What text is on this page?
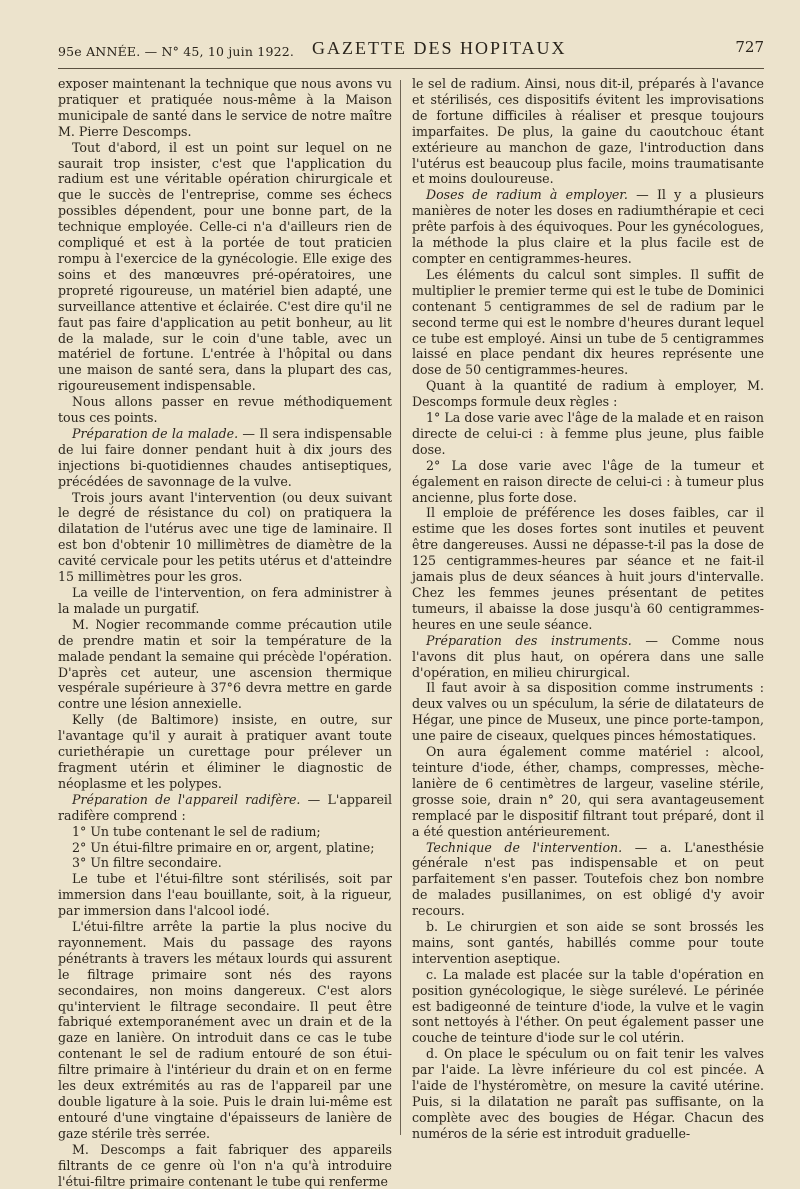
95e ANNÉE. — N° 45, 10 juin 1922. GAZETTE DES HOPITAUX	727

exposer maintenant la technique que nous avons vu pratiquer et pratiquée nous-même à la Maison municipale de santé dans le service de notre maître M. Pierre Descomps.

Tout d'abord, il est un point sur lequel on ne saurait trop insister, c'est que l'application du radium est une véritable opération chirurgicale et que le succès de l'entreprise, comme ses échecs possibles dépendent, pour une bonne part, de la technique employée. Celle-ci n'a d'ailleurs rien de compliqué et est à la portée de tout praticien rompu à l'exercice de la gynécologie. Elle exige des soins et des manœuvres pré-opératoires, une propreté rigoureuse, un matériel bien adapté, une surveillance attentive et éclairée. C'est dire qu'il ne faut pas faire d'application au petit bonheur, au lit de la malade, sur le coin d'une table, avec un matériel de fortune. L'entrée à l'hôpital ou dans une maison de santé sera, dans la plupart des cas, rigoureusement indispensable.

Nous allons passer en revue méthodiquement tous ces points.

Préparation de la malade. — Il sera indispensable de lui faire donner pendant huit à dix jours des injections bi-quotidiennes chaudes antiseptiques, précédées de savonnage de la vulve.

Trois jours avant l'intervention (ou deux suivant le degré de résistance du col) on pratiquera la dilatation de l'utérus avec une tige de laminaire. Il est bon d'obtenir 10 millimètres de diamètre de la cavité cervicale pour les petits utérus et d'atteindre 15 millimètres pour les gros.

La veille de l'intervention, on fera administrer à la malade un purgatif.

M. Nogier recommande comme précaution utile de prendre matin et soir la température de la malade pendant la semaine qui précède l'opération. D'après cet auteur, une ascension thermique vespérale supérieure à 37°6 devra mettre en garde contre une lésion annexielle.

Kelly (de Baltimore) insiste, en outre, sur l'avantage qu'il y aurait à pratiquer avant toute curiethérapie un curettage pour prélever un fragment utérin et éliminer le diagnostic de néoplasme et les polypes.

Préparation de l'appareil radifère. — L'appareil radifère comprend :

1° Un tube contenant le sel de radium;

2° Un étui-filtre primaire en or, argent, platine;

3° Un filtre secondaire.

Le tube et l'étui-filtre sont stérilisés, soit par immersion dans l'eau bouillante, soit, à la rigueur, par immersion dans l'alcool iodé.

L'étui-filtre arrête la partie la plus nocive du rayonnement. Mais du passage des rayons pénétrants à travers les métaux lourds qui assurent le filtrage primaire sont nés des rayons secondaires, non moins dangereux. C'est alors qu'intervient le filtrage secondaire. Il peut être fabriqué extemporanément avec un drain et de la gaze en lanière. On introduit dans ce cas le tube contenant le sel de radium entouré de son étui-filtre primaire à l'intérieur du drain et on en ferme les deux extrémités au ras de l'appareil par une double ligature à la soie. Puis le drain lui-même est entouré d'une vingtaine d'épaisseurs de lanière de gaze stérile très serrée.

M. Descomps a fait fabriquer des appareils filtrants de ce genre où l'on n'a qu'à introduire l'étui-filtre primaire contenant le tube qui renferme

le sel de radium. Ainsi, nous dit-il, préparés à l'avance et stérilisés, ces dispositifs évitent les improvisations de fortune difficiles à réaliser et presque toujours imparfaites. De plus, la gaine du caoutchouc étant extérieure au manchon de gaze, l'introduction dans l'utérus est beaucoup plus facile, moins traumatisante et moins douloureuse.

Doses de radium à employer. — Il y a plusieurs manières de noter les doses en radiumthérapie et ceci prête parfois à des équivoques. Pour les gynécologues, la méthode la plus claire et la plus facile est de compter en centigrammes-heures.

Les éléments du calcul sont simples. Il suffit de multiplier le premier terme qui est le tube de Dominici contenant 5 centigrammes de sel de radium par le second terme qui est le nombre d'heures durant lequel ce tube est employé. Ainsi un tube de 5 centigrammes laissé en place pendant dix heures représente une dose de 50 centigrammes-heures.

Quant à la quantité de radium à employer, M. Descomps formule deux règles :

1° La dose varie avec l'âge de la malade et en raison directe de celui-ci : à femme plus jeune, plus faible dose.

2° La dose varie avec l'âge de la tumeur et également en raison directe de celui-ci : à tumeur plus ancienne, plus forte dose.

Il emploie de préférence les doses faibles, car il estime que les doses fortes sont inutiles et peuvent être dangereuses. Aussi ne dépasse-t-il pas la dose de 125 centigrammes-heures par séance et ne fait-il jamais plus de deux séances à huit jours d'intervalle. Chez les femmes jeunes présentant de petites tumeurs, il abaisse la dose jusqu'à 60 centigrammes-heures en une seule séance.

Préparation des instruments. — Comme nous l'avons dit plus haut, on opérera dans une salle d'opération, en milieu chirurgical.

Il faut avoir à sa disposition comme instruments : deux valves ou un spéculum, la série de dilatateurs de Hégar, une pince de Museux, une pince porte-tampon, une paire de ciseaux, quelques pinces hémostatiques.

On aura également comme matériel : alcool, teinture d'iode, éther, champs, compresses, mèche-lanière de 6 centimètres de largeur, vaseline stérile, grosse soie, drain n° 20, qui sera avantageusement remplacé par le dispositif filtrant tout préparé, dont il a été question antérieurement.

Technique de l'intervention. — a. L'anesthésie générale n'est pas indispensable et on peut parfaitement s'en passer. Toutefois chez bon nombre de malades pusillanimes, on est obligé d'y avoir recours.

b. Le chirurgien et son aide se sont brossés les mains, sont gantés, habillés comme pour toute intervention aseptique.

c. La malade est placée sur la table d'opération en position gynécologique, le siège surélevé. Le périnée est badigeonné de teinture d'iode, la vulve et le vagin sont nettoyés à l'éther. On peut également passer une couche de teinture d'iode sur le col utérin.

d. On place le spéculum ou on fait tenir les valves par l'aide. La lèvre inférieure du col est pincée. A l'aide de l'hystéromètre, on mesure la cavité utérine. Puis, si la dilatation ne paraît pas suffisante, on la complète avec des bougies de Hégar. Chacun des numéros de la série est introduit graduelle-
